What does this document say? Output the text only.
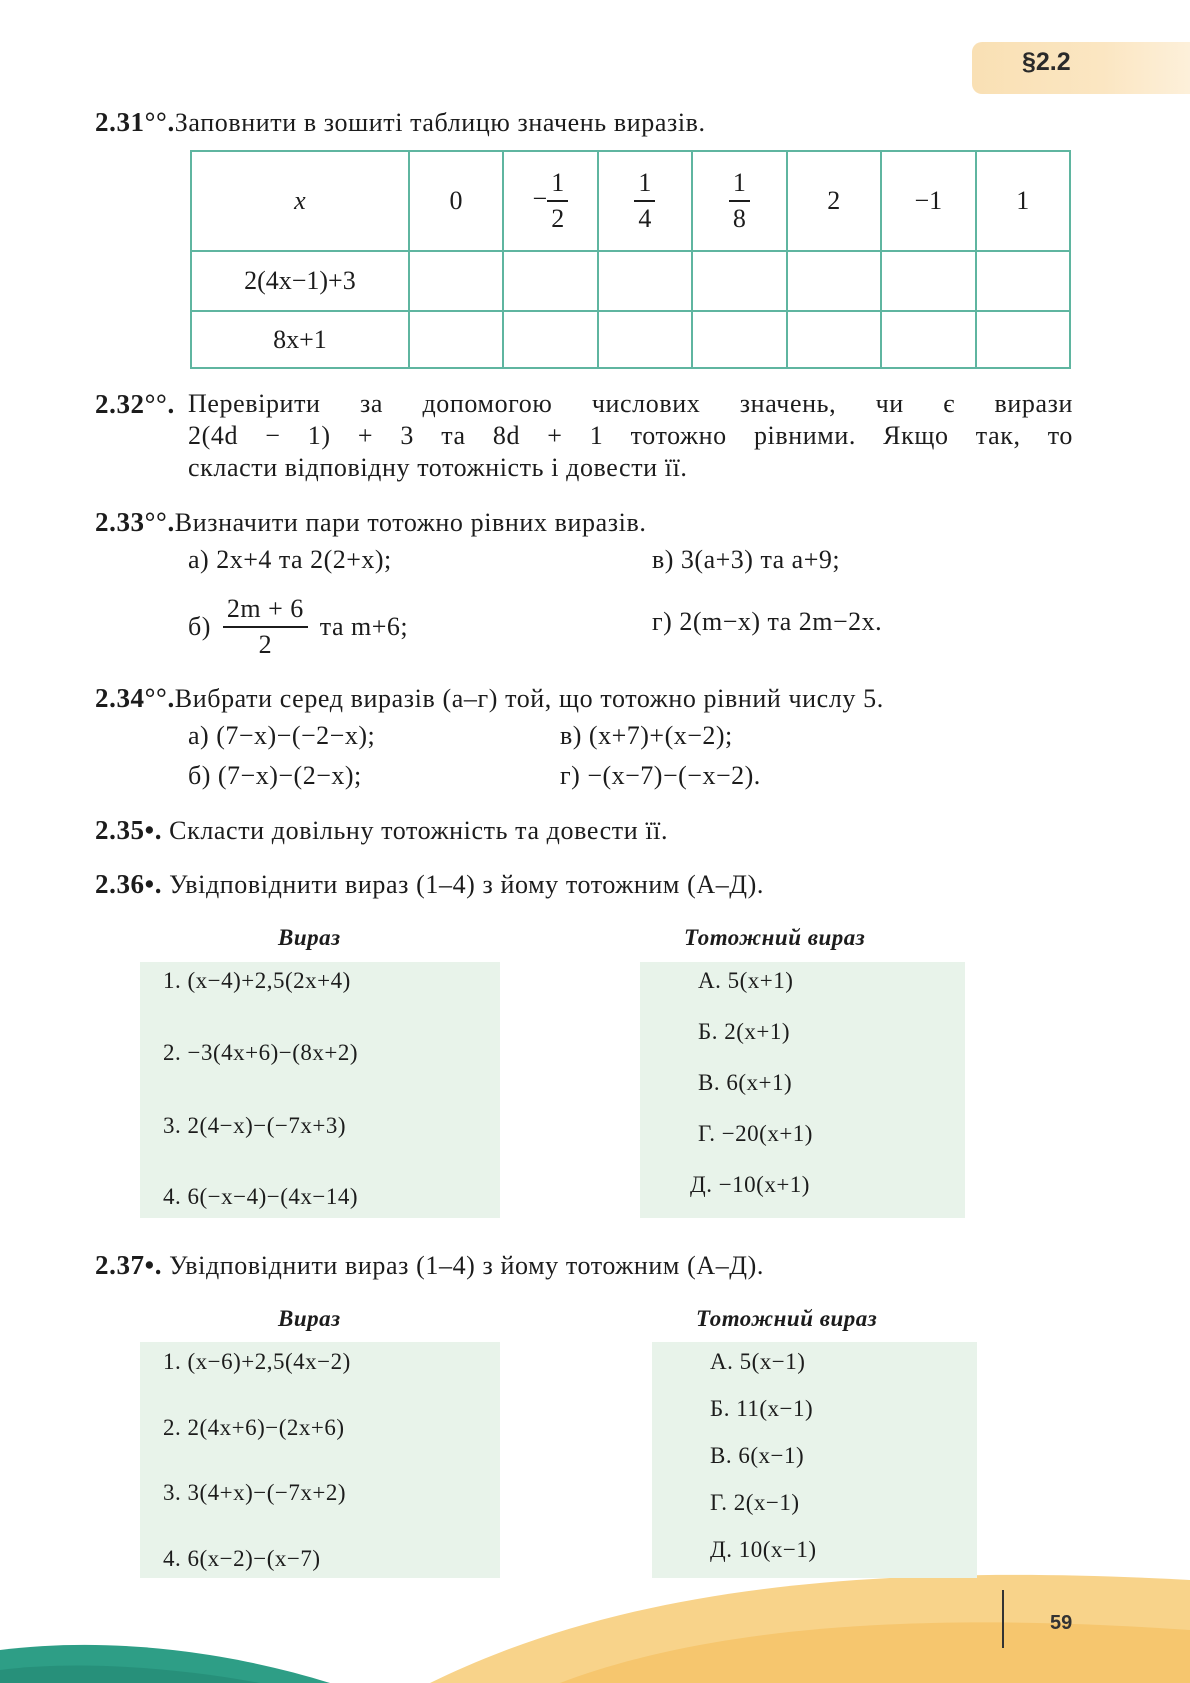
§2.2
2.31°°.Заповнити в зошиті таблицю значень виразів.
x	0	− $\frac{1}{2}$	$\frac{1}{4}$	$\frac{1}{8}$	2	−1	1
2(4x−1)+3							
8x+1							
2.32°°. Перевірити за допомогою числових значень, чи є вирази
2(4d − 1) + 3 та 8d + 1 тотожно рівними. Якщо так, то
скласти відповідну тотожність і довести її.
2.33°°.Визначити пари тотожно рівних виразів.
а) 2x+4 та 2(2+x);	в) 3(a+3) та a+9;
$б) \frac{2m + 6}{2}$ та m+6;	г) 2(m−x) та 2m−2x.
2.34°°.Вибрати серед виразів (а–г) той, що тотожно рівний числу 5.
а) (7−x)−(−2−x);	в) (x+7)+(x−2);
б) (7−x)−(2−x);	г) −(x−7)−(−x−2).
2.35•. Скласти довільну тотожність та довести її.
2.36•. Увідповіднити вираз (1–4) з йому тотожним (А–Д).
Вираз	Тотожний вираз
1. (x−4)+2,5(2x+4)
2. −3(4x+6)−(8x+2)
3. 2(4−x)−(−7x+3)
4. 6(−x−4)−(4x−14)
А. 5(x+1)
Б. 2(x+1)
В. 6(x+1)
Г. −20(x+1)
Д. −10(x+1)
2.37•. Увідповіднити вираз (1–4) з йому тотожним (А–Д).
Вираз	Тотожний вираз
1. (x−6)+2,5(4x−2)
2. 2(4x+6)−(2x+6)
3. 3(4+x)−(−7x+2)
4. 6(x−2)−(x−7)
А. 5(x−1)
Б. 11(x−1)
В. 6(x−1)
Г. 2(x−1)
Д. 10(x−1)
59
